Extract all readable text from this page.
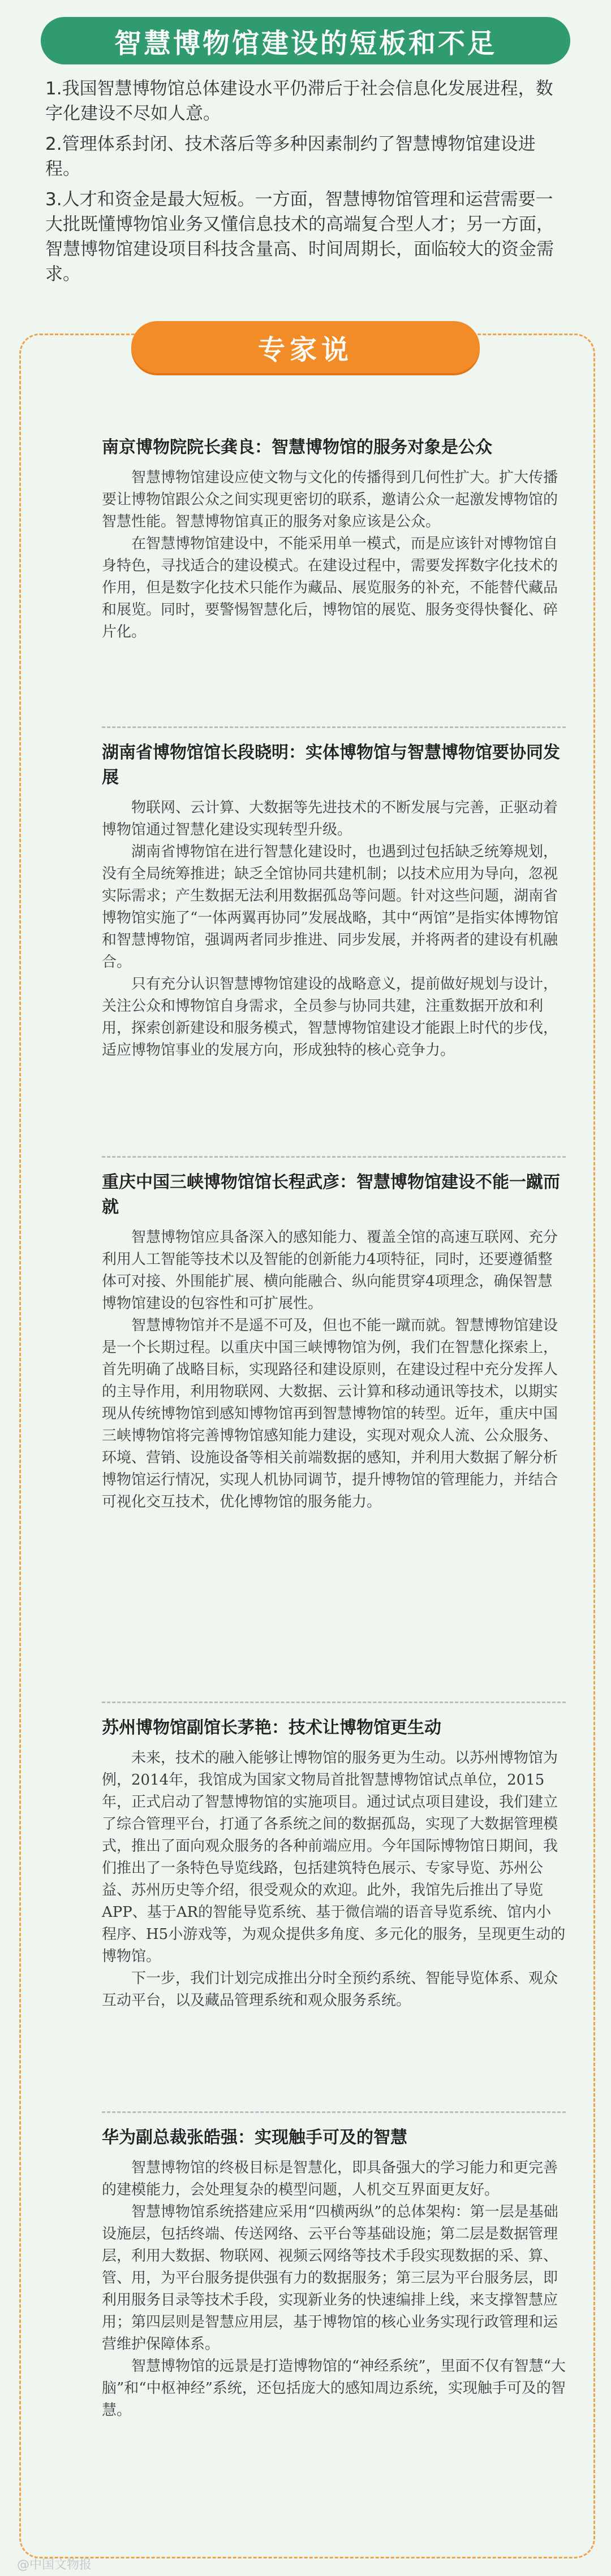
智慧博物馆建设的短板和不足

1.我国智慧博物馆总体建设水平仍滞后于社会信息化发展进程，数字化建设不尽如人意。

2.管理体系封闭、技术落后等多种因素制约了智慧博物馆建设进程。

3.人才和资金是最大短板。一方面，智慧博物馆管理和运营需要一大批既懂博物馆业务又懂信息技术的高端复合型人才；另一方面，智慧博物馆建设项目科技含量高、时间周期长，面临较大的资金需求。

专家说
南京博物院院长龚良：智慧博物馆的服务对象是公众

智慧博物馆建设应使文物与文化的传播得到几何性扩大。扩大传播要让博物馆跟公众之间实现更密切的联系，邀请公众一起激发博物馆的智慧性能。智慧博物馆真正的服务对象应该是公众。

在智慧博物馆建设中，不能采用单一模式，而是应该针对博物馆自身特色，寻找适合的建设模式。在建设过程中，需要发挥数字化技术的作用，但是数字化技术只能作为藏品、展览服务的补充，不能替代藏品和展览。同时，要警惕智慧化后，博物馆的展览、服务变得快餐化、碎片化。

湖南省博物馆馆长段晓明：实体博物馆与智慧博物馆要协同发展

物联网、云计算、大数据等先进技术的不断发展与完善，正驱动着博物馆通过智慧化建设实现转型升级。

湖南省博物馆在进行智慧化建设时，也遇到过包括缺乏统筹规划，没有全局统筹推进；缺乏全馆协同共建机制；以技术应用为导向，忽视实际需求；产生数据无法利用数据孤岛等问题。针对这些问题，湖南省博物馆实施了“一体两翼再协同”发展战略，其中“两馆”是指实体博物馆和智慧博物馆，强调两者同步推进、同步发展，并将两者的建设有机融合。

只有充分认识智慧博物馆建设的战略意义，提前做好规划与设计，关注公众和博物馆自身需求，全员参与协同共建，注重数据开放和利用，探索创新建设和服务模式，智慧博物馆建设才能跟上时代的步伐，适应博物馆事业的发展方向，形成独特的核心竞争力。

重庆中国三峡博物馆馆长程武彦：智慧博物馆建设不能一蹴而就

智慧博物馆应具备深入的感知能力、覆盖全馆的高速互联网、充分利用人工智能等技术以及智能的创新能力4项特征，同时，还要遵循整体可对接、外围能扩展、横向能融合、纵向能贯穿4项理念，确保智慧博物馆建设的包容性和可扩展性。

智慧博物馆并不是遥不可及，但也不能一蹴而就。智慧博物馆建设是一个长期过程。以重庆中国三峡博物馆为例，我们在智慧化探索上，首先明确了战略目标，实现路径和建设原则，在建设过程中充分发挥人的主导作用，利用物联网、大数据、云计算和移动通讯等技术，以期实现从传统博物馆到感知博物馆再到智慧博物馆的转型。近年，重庆中国三峡博物馆将完善博物馆感知能力建设，实现对观众人流、公众服务、环境、营销、设施设备等相关前端数据的感知，并利用大数据了解分析博物馆运行情况，实现人机协同调节，提升博物馆的管理能力，并结合可视化交互技术，优化博物馆的服务能力。

苏州博物馆副馆长茅艳：技术让博物馆更生动

未来，技术的融入能够让博物馆的服务更为生动。以苏州博物馆为例，2014年，我馆成为国家文物局首批智慧博物馆试点单位，2015年，正式启动了智慧博物馆的实施项目。通过试点项目建设，我们建立了综合管理平台，打通了各系统之间的数据孤岛，实现了大数据管理模式，推出了面向观众服务的各种前端应用。今年国际博物馆日期间，我们推出了一条特色导览线路，包括建筑特色展示、专家导览、苏州公益、苏州历史等介绍，很受观众的欢迎。此外，我馆先后推出了导览APP、基于AR的智能导览系统、基于微信端的语音导览系统、馆内小程序、H5小游戏等，为观众提供多角度、多元化的服务，呈现更生动的博物馆。

下一步，我们计划完成推出分时全预约系统、智能导览体系、观众互动平台，以及藏品管理系统和观众服务系统。

华为副总裁张皓强：实现触手可及的智慧

智慧博物馆的终极目标是智慧化，即具备强大的学习能力和更完善的建模能力，会处理复杂的模型问题，人机交互界面更友好。

智慧博物馆系统搭建应采用“四横两纵”的总体架构：第一层是基础设施层，包括终端、传送网络、云平台等基础设施；第二层是数据管理层，利用大数据、物联网、视频云网络等技术手段实现数据的采、算、管、用，为平台服务提供强有力的数据服务；第三层为平台服务层，即利用服务目录等技术手段，实现新业务的快速编排上线，来支撑智慧应用；第四层则是智慧应用层，基于博物馆的核心业务实现行政管理和运营维护保障体系。

智慧博物馆的远景是打造博物馆的“神经系统”，里面不仅有智慧“大脑”和“中枢神经”系统，还包括庞大的感知周边系统，实现触手可及的智慧。

@中国文物报
